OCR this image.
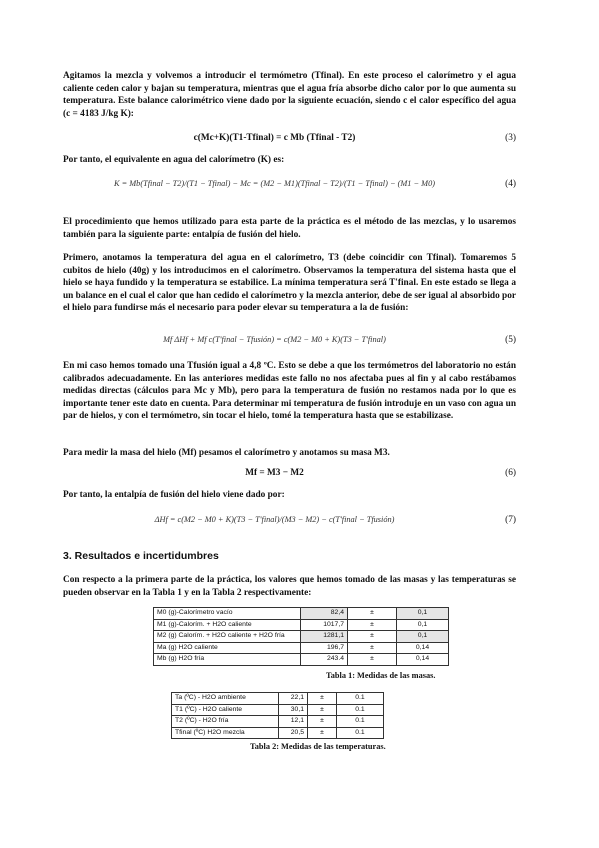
Agitamos la mezcla y volvemos a introducir el termómetro (Tfinal). En este proceso el calorímetro y el agua caliente ceden calor y bajan su temperatura, mientras que el agua fría absorbe dicho calor por lo que aumenta su temperatura. Este balance calorimétrico viene dado por la siguiente ecuación, siendo c el calor específico del agua (c = 4183 J/kg K):
c(Mc+K)(T1-Tfinal) = c Mb (Tfinal - T2)	(3)
Por tanto, el equivalente en agua del calorímetro (K) es:
K = Mb(Tfinal − T2)/(T1 − Tfinal) − Mc = (M2 − M1)(Tfinal − T2)/(T1 − Tfinal) − (M1 − M0)	(4)
El procedimiento que hemos utilizado para esta parte de la práctica es el método de las mezclas, y lo usaremos también para la siguiente parte: entalpía de fusión del hielo.
Primero, anotamos la temperatura del agua en el calorímetro, T3 (debe coincidir con Tfinal). Tomaremos 5 cubitos de hielo (40g) y los introducimos en el calorímetro. Observamos la temperatura del sistema hasta que el hielo se haya fundido y la temperatura se estabilice. La mínima temperatura será T'final. En este estado se llega a un balance en el cual el calor que han cedido el calorímetro y la mezcla anterior, debe de ser igual al absorbido por el hielo para fundirse más el necesario para poder elevar su temperatura a la de fusión:
Mf ΔHf + Mf c(T'final − Tfusión) = c(M2 − M0 + K)(T3 − T'final)	(5)
En mi caso hemos tomado una Tfusión igual a 4,8 ºC. Esto se debe a que los termómetros del laboratorio no están calibrados adecuadamente. En las anteriores medidas este fallo no nos afectaba pues al fin y al cabo restábamos medidas directas (cálculos para Mc y Mb), pero para la temperatura de fusión no restamos nada por lo que es importante tener este dato en cuenta. Para determinar mi temperatura de fusión introduje en un vaso con agua un par de hielos, y con el termómetro, sin tocar el hielo, tomé la temperatura hasta que se estabilizase.
Para medir la masa del hielo (Mf) pesamos el calorímetro y anotamos su masa M3.
Mf = M3 − M2	(6)
Por tanto, la entalpía de fusión del hielo viene dado por:
ΔHf = c(M2 − M0 + K)(T3 − T'final)/(M3 − M2) − c(T'final − Tfusión)	(7)
3. Resultados e incertidumbres
Con respecto a la primera parte de la práctica, los valores que hemos tomado de las masas y las temperaturas se pueden observar en la Tabla 1 y en la Tabla 2 respectivamente:
M0 (g)-Calorímetro vacío	82,4	±	0,1
M1 (g)-Calorím. + H2O caliente	1017,7	±	0,1
M2 (g) Calorím. + H2O caliente + H2O fría	1281,1	±	0,1
Ma (g) H2O caliente	196,7	±	0,14
Mb (g) H2O fría	243.4	±	0,14
Tabla 1: Medidas de las masas.
Ta (ºC) - H2O ambiente	22,1	±	0.1
T1 (ºC) - H2O caliente	30,1	±	0.1
T2 (ºC) - H2O fría	12,1	±	0.1
Tfinal (ºC) H2O mezcla	20,5	±	0.1
Tabla 2: Medidas de las temperaturas.
